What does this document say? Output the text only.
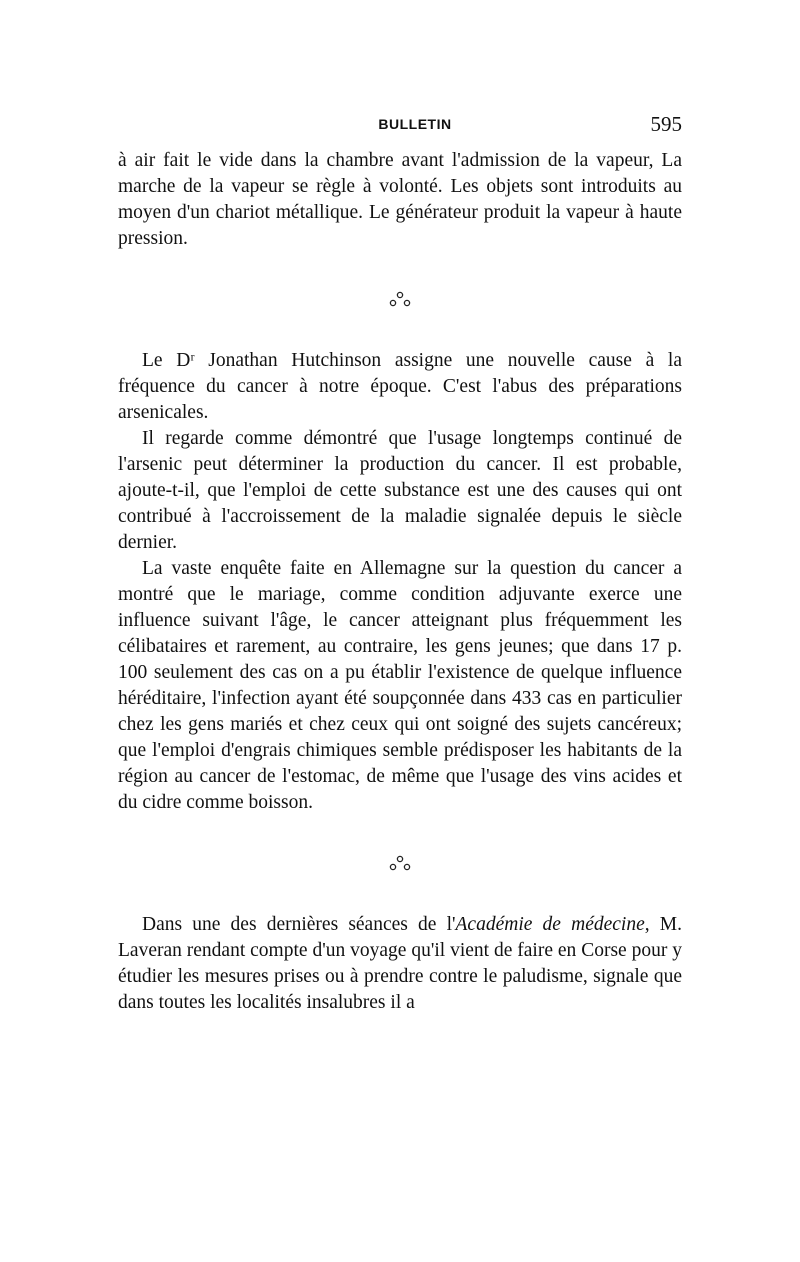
BULLETIN	595

à air fait le vide dans la chambre avant l'admission de la vapeur, La marche de la vapeur se règle à volonté. Les objets sont introduits au moyen d'un chariot métallique. Le générateur produit la vapeur à haute pression.

Le Dʳ Jonathan Hutchinson assigne une nouvelle cause à la fréquence du cancer à notre époque. C'est l'abus des préparations arsenicales.

Il regarde comme démontré que l'usage longtemps continué de l'arsenic peut déterminer la production du cancer. Il est probable, ajoute-t-il, que l'emploi de cette substance est une des causes qui ont contribué à l'accroissement de la maladie signalée depuis le siècle dernier.

La vaste enquête faite en Allemagne sur la question du cancer a montré que le mariage, comme condition adjuvante exerce une influence suivant l'âge, le cancer atteignant plus fréquemment les célibataires et rarement, au contraire, les gens jeunes; que dans 17 p. 100 seulement des cas on a pu établir l'existence de quelque influence héréditaire, l'infection ayant été soupçonnée dans 433 cas en particulier chez les gens mariés et chez ceux qui ont soigné des sujets cancéreux; que l'emploi d'engrais chimiques semble prédisposer les habitants de la région au cancer de l'estomac, de même que l'usage des vins acides et du cidre comme boisson.

Dans une des dernières séances de l'Académie de médecine, M. Laveran rendant compte d'un voyage qu'il vient de faire en Corse pour y étudier les mesures prises ou à prendre contre le paludisme, signale que dans toutes les localités insalubres il a
